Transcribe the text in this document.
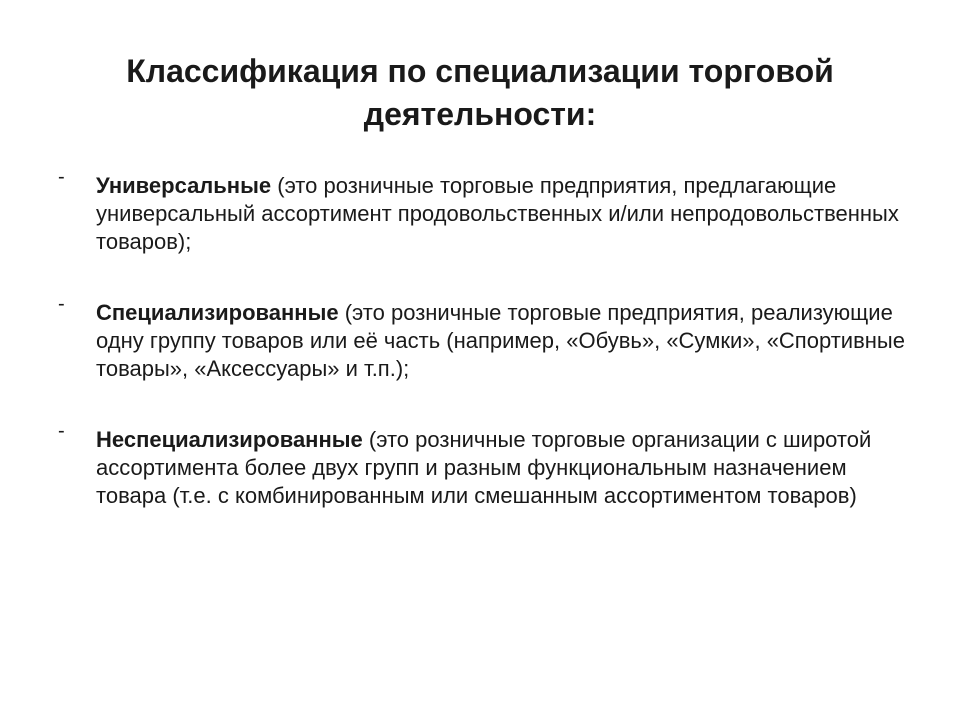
Классификация по специализации торговой
деятельности:
-	Универсальные (это розничные торговые предприятия, предлагающие универсальный ассортимент продовольственных и/или непродовольственных товаров);
-	Специализированные (это розничные торговые предприятия, реализующие одну группу товаров или её часть (например, «Обувь», «Сумки», «Спортивные товары», «Аксессуары» и т.п.);
-	Неспециализированные (это розничные торговые организации с широтой ассортимента более двух групп и разным функциональным назначением товара (т.е. с комбинированным или смешанным ассортиментом товаров)
